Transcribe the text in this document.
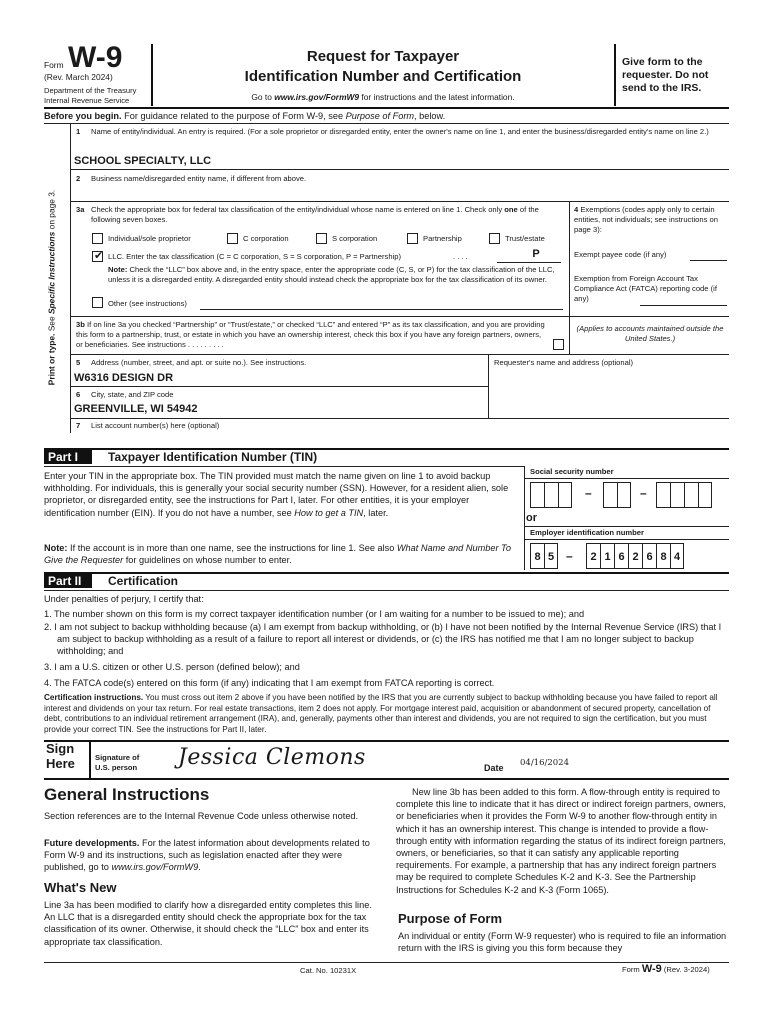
Form W-9
(Rev. March 2024)
Department of the Treasury
Internal Revenue Service
Request for Taxpayer
Identification Number and Certification
Go to www.irs.gov/FormW9 for instructions and the latest information.
Give form to the requester. Do not send to the IRS.
Before you begin. For guidance related to the purpose of Form W-9, see Purpose of Form, below.
Print or type. See Specific Instructions on page 3.
1 Name of entity/individual. An entry is required. (For a sole proprietor or disregarded entity, enter the owner's name on line 1, and enter the business/disregarded entity's name on line 2.)
SCHOOL SPECIALTY, LLC
2 Business name/disregarded entity name, if different from above.
3a Check the appropriate box for federal tax classification of the entity/individual whose name is entered on line 1. Check only one of the following seven boxes.
Individual/sole proprietor	C corporation	S corporation	Partnership	Trust/estate
✔ LLC. Enter the tax classification (C = C corporation, S = S corporation, P = Partnership)	. . . .	P
Note: Check the “LLC” box above and, in the entry space, enter the appropriate code (C, S, or P) for the tax classification of the LLC, unless it is a disregarded entity. A disregarded entity should instead check the appropriate box for the tax classification of its owner.
Other (see instructions)
4 Exemptions (codes apply only to certain entities, not individuals; see instructions on page 3):
Exempt payee code (if any)
Exemption from Foreign Account Tax Compliance Act (FATCA) reporting code (if any)
(Applies to accounts maintained outside the United States.)
3b If on line 3a you checked “Partnership” or “Trust/estate,” or checked “LLC” and entered “P” as its tax classification, and you are providing this form to a partnership, trust, or estate in which you have an ownership interest, check this box if you have any foreign partners, owners, or beneficiaries. See instructions . . . . . . . . .
5 Address (number, street, and apt. or suite no.). See instructions.
W6316 DESIGN DR
Requester's name and address (optional)
6 City, state, and ZIP code
GREENVILLE, WI 54942
7 List account number(s) here (optional)
Part I	Taxpayer Identification Number (TIN)
Enter your TIN in the appropriate box. The TIN provided must match the name given on line 1 to avoid backup withholding. For individuals, this is generally your social security number (SSN). However, for a resident alien, sole proprietor, or disregarded entity, see the instructions for Part I, later. For other entities, it is your employer identification number (EIN). If you do not have a number, see How to get a TIN, later.
Note: If the account is in more than one name, see the instructions for line 1. See also What Name and Number To Give the Requester for guidelines on whose number to enter.
Social security number
–	–
or
Employer identification number
8 5 –	2 1 6 2 6 8 4
Part II	Certification
Under penalties of perjury, I certify that:
1. The number shown on this form is my correct taxpayer identification number (or I am waiting for a number to be issued to me); and
2. I am not subject to backup withholding because (a) I am exempt from backup withholding, or (b) I have not been notified by the Internal Revenue Service (IRS) that I am subject to backup withholding as a result of a failure to report all interest or dividends, or (c) the IRS has notified me that I am no longer subject to backup withholding; and
3. I am a U.S. citizen or other U.S. person (defined below); and
4. The FATCA code(s) entered on this form (if any) indicating that I am exempt from FATCA reporting is correct.
Certification instructions. You must cross out item 2 above if you have been notified by the IRS that you are currently subject to backup withholding because you have failed to report all interest and dividends on your tax return. For real estate transactions, item 2 does not apply. For mortgage interest paid, acquisition or abandonment of secured property, cancellation of debt, contributions to an individual retirement arrangement (IRA), and, generally, payments other than interest and dividends, you are not required to sign the certification, but you must provide your correct TIN. See the instructions for Part II, later.
Sign
Here	Signature of
U.S. person Jessica Clemons	Date 04/16/2024
General Instructions
Section references are to the Internal Revenue Code unless otherwise noted.
Future developments. For the latest information about developments related to Form W-9 and its instructions, such as legislation enacted after they were published, go to www.irs.gov/FormW9.
What's New
Line 3a has been modified to clarify how a disregarded entity completes this line. An LLC that is a disregarded entity should check the appropriate box for the tax classification of its owner. Otherwise, it should check the “LLC” box and enter its appropriate tax classification.
New line 3b has been added to this form. A flow-through entity is required to complete this line to indicate that it has direct or indirect foreign partners, owners, or beneficiaries when it provides the Form W-9 to another flow-through entity in which it has an ownership interest. This change is intended to provide a flow-through entity with information regarding the status of its indirect foreign partners, owners, or beneficiaries, so that it can satisfy any applicable reporting requirements. For example, a partnership that has any indirect foreign partners may be required to complete Schedules K-2 and K-3. See the Partnership Instructions for Schedules K-2 and K-3 (Form 1065).
Purpose of Form
An individual or entity (Form W-9 requester) who is required to file an information return with the IRS is giving you this form because they
Cat. No. 10231X	Form W-9 (Rev. 3-2024)
